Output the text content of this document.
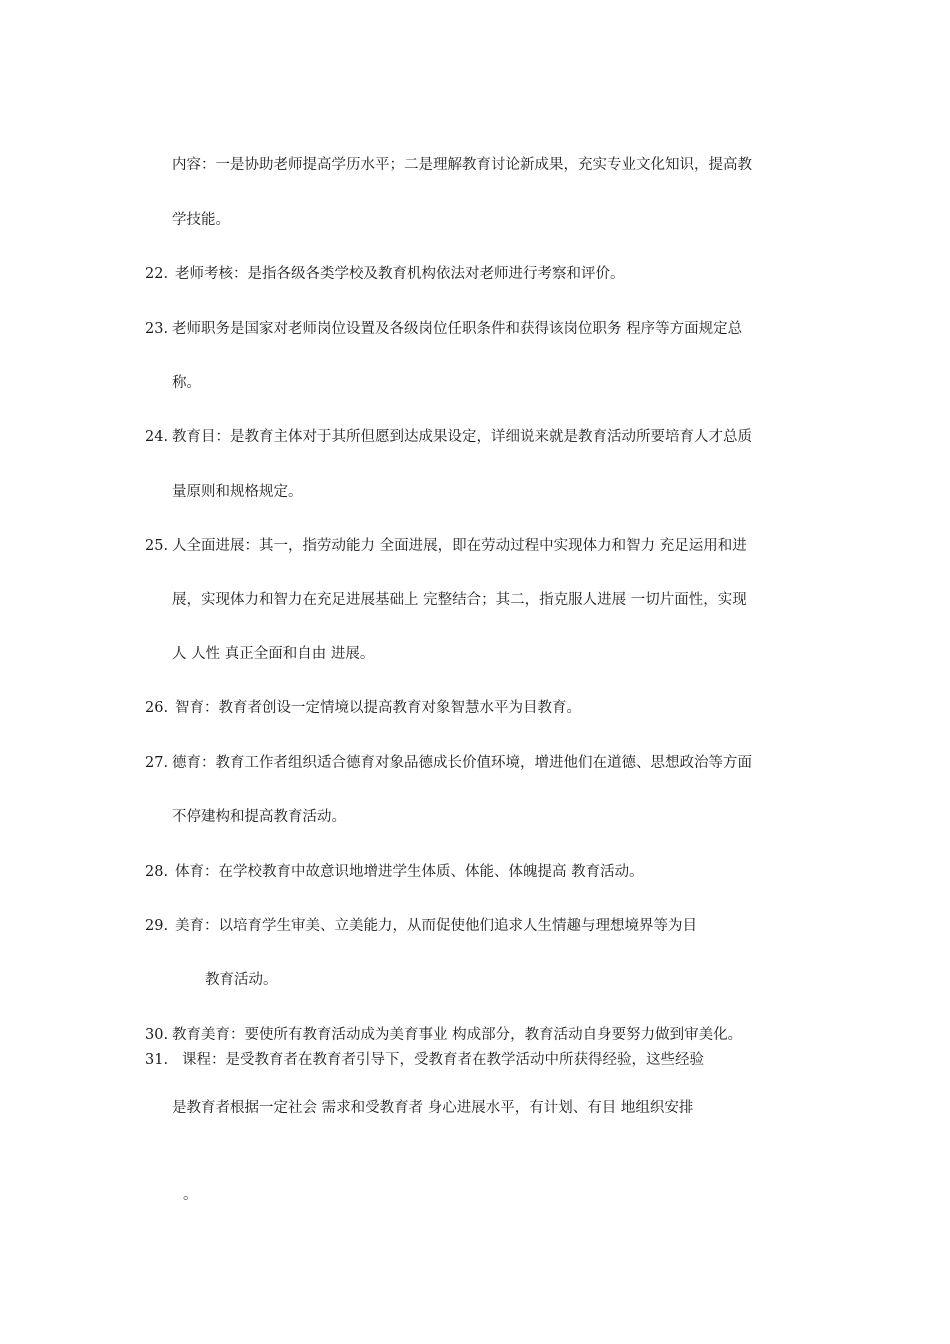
内容：一是协助老师提高学历水平；二是理解教育讨论新成果，充实专业文化知识，提高教
学技能。
22. 老师考核：是指各级各类学校及教育机构依法对老师进行考察和评价。
23. 老师职务是国家对老师岗位设置及各级岗位任职条件和获得该岗位职务 程序等方面规定总
称。
24. 教育目：是教育主体对于其所但愿到达成果设定，详细说来就是教育活动所要培育人才总质
量原则和规格规定。
25. 人全面进展：其一，指劳动能力 全面进展，即在劳动过程中实现体力和智力 充足运用和进
展，实现体力和智力在充足进展基础上 完整结合；其二，指克服人进展 一切片面性，实现
人 人性 真正全面和自由 进展。
26. 智育：教育者创设一定情境以提高教育对象智慧水平为目教育。
27. 德育：教育工作者组织适合德育对象品德成长价值环境，增进他们在道德、思想政治等方面
不停建构和提高教育活动。
28. 体育：在学校教育中故意识地增进学生体质、体能、体魄提高 教育活动。
29. 美育：以培育学生审美、立美能力，从而促使他们追求人生情趣与理想境界等为目
教育活动。
30. 教育美育：要使所有教育活动成为美育事业 构成部分，教育活动自身要努力做到审美化。
31. 课程：是受教育者在教育者引导下，受教育者在教学活动中所获得经验，这些经验
是教育者根据一定社会 需求和受教育者 身心进展水平，有计划、有目 地组织安排
。
